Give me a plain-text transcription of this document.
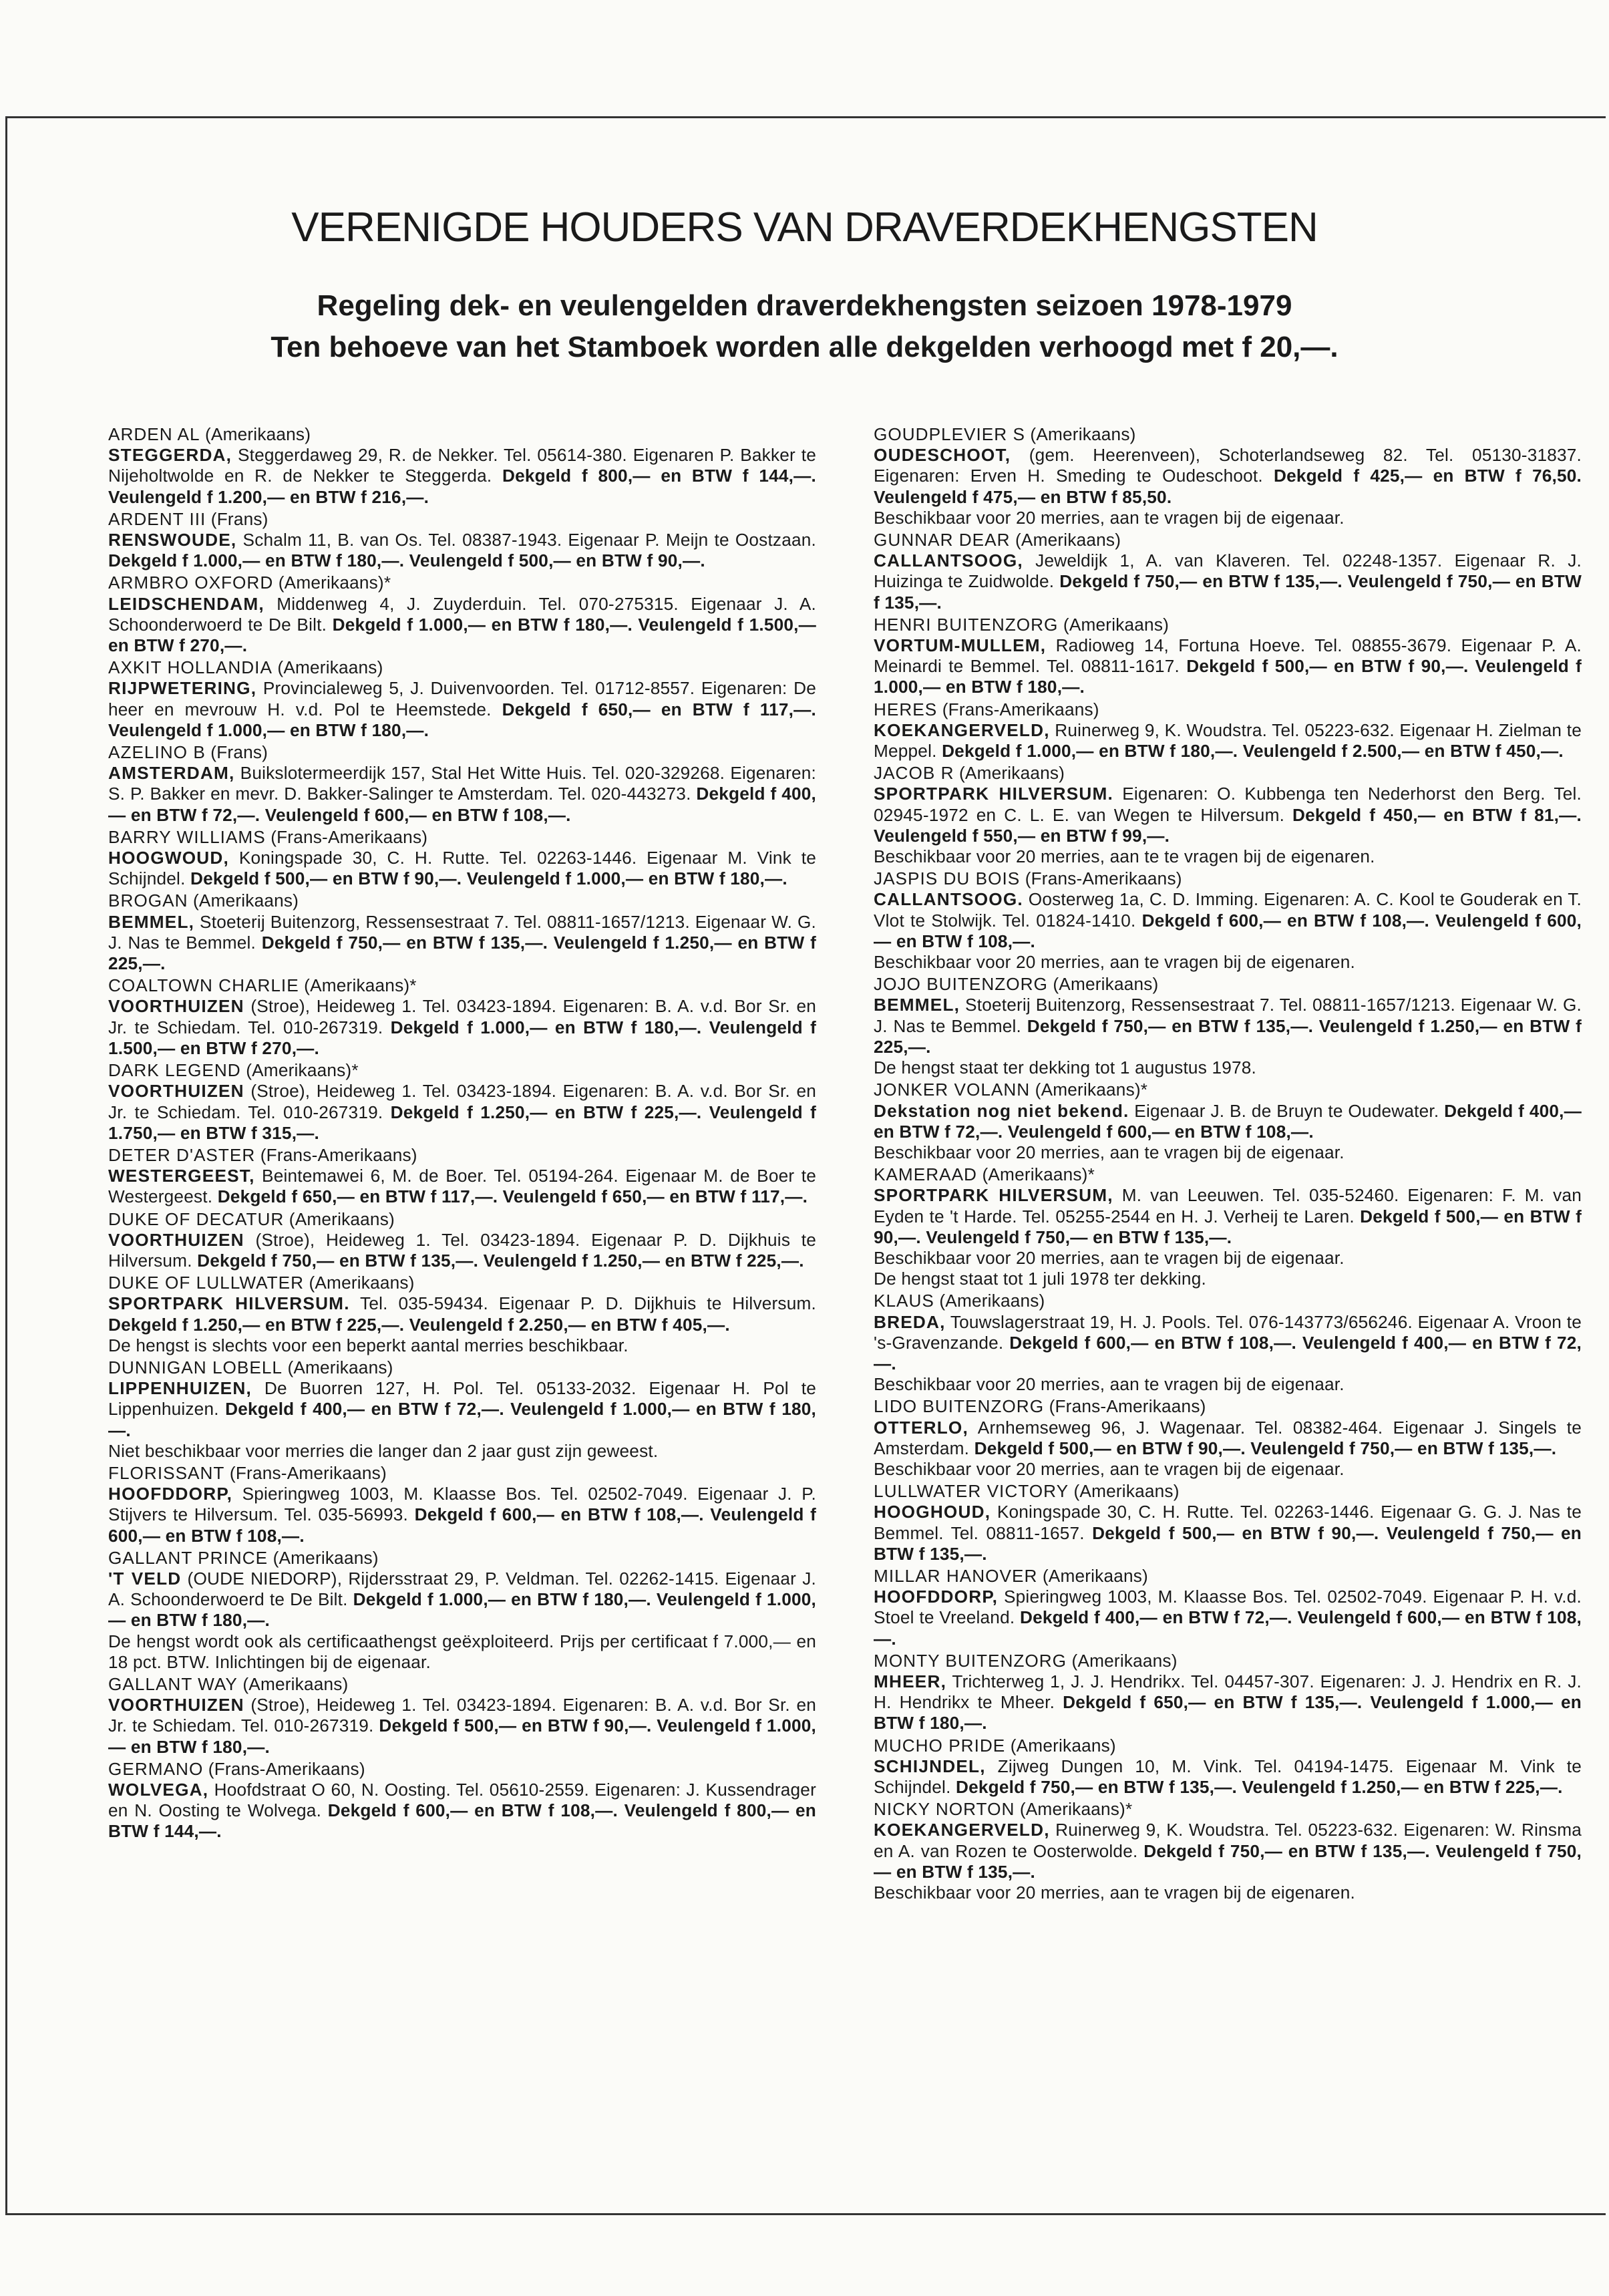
VERENIGDE HOUDERS VAN DRAVERDEKHENGSTEN

Regeling dek- en veulengelden draverdekhengsten seizoen 1978-1979

Ten behoeve van het Stamboek worden alle dekgelden verhoogd met f 20,—.

ARDEN AL (Amerikaans)

STEGGERDA, Steggerdaweg 29, R. de Nekker. Tel. 05614-380. Eigenaren P. Bakker te Nijeholtwolde en R. de Nekker te Steggerda. Dekgeld f 800,— en BTW f 144,—. Veulengeld f 1.200,— en BTW f 216,—.

ARDENT III (Frans)

RENSWOUDE, Schalm 11, B. van Os. Tel. 08387-1943. Eigenaar P. Meijn te Oostzaan. Dekgeld f 1.000,— en BTW f 180,—. Veulengeld f 500,— en BTW f 90,—.

ARMBRO OXFORD (Amerikaans)*

LEIDSCHENDAM, Middenweg 4, J. Zuyderduin. Tel. 070-275315. Eigenaar J. A. Schoonderwoerd te De Bilt. Dekgeld f 1.000,— en BTW f 180,—. Veulengeld f 1.500,— en BTW f 270,—.

AXKIT HOLLANDIA (Amerikaans)

RIJPWETERING, Provincialeweg 5, J. Duivenvoorden. Tel. 01712-8557. Eigenaren: De heer en mevrouw H. v.d. Pol te Heemstede. Dekgeld f 650,— en BTW f 117,—. Veulengeld f 1.000,— en BTW f 180,—.

AZELINO B (Frans)

AMSTERDAM, Buikslotermeerdijk 157, Stal Het Witte Huis. Tel. 020-329268. Eigenaren: S. P. Bakker en mevr. D. Bakker-Salinger te Amsterdam. Tel. 020-443273. Dekgeld f 400,— en BTW f 72,—. Veulengeld f 600,— en BTW f 108,—.

BARRY WILLIAMS (Frans-Amerikaans)

HOOGWOUD, Koningspade 30, C. H. Rutte. Tel. 02263-1446. Eigenaar M. Vink te Schijndel. Dekgeld f 500,— en BTW f 90,—. Veulengeld f 1.000,— en BTW f 180,—.

BROGAN (Amerikaans)

BEMMEL, Stoeterij Buitenzorg, Ressensestraat 7. Tel. 08811-1657/1213. Eigenaar W. G. J. Nas te Bemmel. Dekgeld f 750,— en BTW f 135,—. Veulengeld f 1.250,— en BTW f 225,—.

COALTOWN CHARLIE (Amerikaans)*

VOORTHUIZEN (Stroe), Heideweg 1. Tel. 03423-1894. Eigenaren: B. A. v.d. Bor Sr. en Jr. te Schiedam. Tel. 010-267319. Dekgeld f 1.000,— en BTW f 180,—. Veulengeld f 1.500,— en BTW f 270,—.

DARK LEGEND (Amerikaans)*

VOORTHUIZEN (Stroe), Heideweg 1. Tel. 03423-1894. Eigenaren: B. A. v.d. Bor Sr. en Jr. te Schiedam. Tel. 010-267319. Dekgeld f 1.250,— en BTW f 225,—. Veulengeld f 1.750,— en BTW f 315,—.

DETER D'ASTER (Frans-Amerikaans)

WESTERGEEST, Beintemawei 6, M. de Boer. Tel. 05194-264. Eigenaar M. de Boer te Westergeest. Dekgeld f 650,— en BTW f 117,—. Veulengeld f 650,— en BTW f 117,—.

DUKE OF DECATUR (Amerikaans)

VOORTHUIZEN (Stroe), Heideweg 1. Tel. 03423-1894. Eigenaar P. D. Dijkhuis te Hilversum. Dekgeld f 750,— en BTW f 135,—. Veulengeld f 1.250,— en BTW f 225,—.

DUKE OF LULLWATER (Amerikaans)

SPORTPARK HILVERSUM. Tel. 035-59434. Eigenaar P. D. Dijkhuis te Hilversum. Dekgeld f 1.250,— en BTW f 225,—. Veulengeld f 2.250,— en BTW f 405,—.

De hengst is slechts voor een beperkt aantal merries beschikbaar.

DUNNIGAN LOBELL (Amerikaans)

LIPPENHUIZEN, De Buorren 127, H. Pol. Tel. 05133-2032. Eigenaar H. Pol te Lippenhuizen. Dekgeld f 400,— en BTW f 72,—. Veulengeld f 1.000,— en BTW f 180,—.

Niet beschikbaar voor merries die langer dan 2 jaar gust zijn geweest.

FLORISSANT (Frans-Amerikaans)

HOOFDDORP, Spieringweg 1003, M. Klaasse Bos. Tel. 02502-7049. Eigenaar J. P. Stijvers te Hilversum. Tel. 035-56993. Dekgeld f 600,— en BTW f 108,—. Veulengeld f 600,— en BTW f 108,—.

GALLANT PRINCE (Amerikaans)

'T VELD (OUDE NIEDORP), Rijdersstraat 29, P. Veldman. Tel. 02262-1415. Eigenaar J. A. Schoonderwoerd te De Bilt. Dekgeld f 1.000,— en BTW f 180,—. Veulengeld f 1.000,— en BTW f 180,—.

De hengst wordt ook als certificaathengst geëxploiteerd. Prijs per certificaat f 7.000,— en 18 pct. BTW. Inlichtingen bij de eigenaar.

GALLANT WAY (Amerikaans)

VOORTHUIZEN (Stroe), Heideweg 1. Tel. 03423-1894. Eigenaren: B. A. v.d. Bor Sr. en Jr. te Schiedam. Tel. 010-267319. Dekgeld f 500,— en BTW f 90,—. Veulengeld f 1.000,— en BTW f 180,—.

GERMANO (Frans-Amerikaans)

WOLVEGA, Hoofdstraat O 60, N. Oosting. Tel. 05610-2559. Eigenaren: J. Kussendrager en N. Oosting te Wolvega. Dekgeld f 600,— en BTW f 108,—. Veulengeld f 800,— en BTW f 144,—.

GOUDPLEVIER S (Amerikaans)

OUDESCHOOT, (gem. Heerenveen), Schoterlandseweg 82. Tel. 05130-31837. Eigenaren: Erven H. Smeding te Oudeschoot. Dekgeld f 425,— en BTW f 76,50. Veulengeld f 475,— en BTW f 85,50.

Beschikbaar voor 20 merries, aan te vragen bij de eigenaar.

GUNNAR DEAR (Amerikaans)

CALLANTSOOG, Jeweldijk 1, A. van Klaveren. Tel. 02248-1357. Eigenaar R. J. Huizinga te Zuidwolde. Dekgeld f 750,— en BTW f 135,—. Veulengeld f 750,— en BTW f 135,—.

HENRI BUITENZORG (Amerikaans)

VORTUM-MULLEM, Radioweg 14, Fortuna Hoeve. Tel. 08855-3679. Eigenaar P. A. Meinardi te Bemmel. Tel. 08811-1617. Dekgeld f 500,— en BTW f 90,—. Veulengeld f 1.000,— en BTW f 180,—.

HERES (Frans-Amerikaans)

KOEKANGERVELD, Ruinerweg 9, K. Woudstra. Tel. 05223-632. Eigenaar H. Zielman te Meppel. Dekgeld f 1.000,— en BTW f 180,—. Veulengeld f 2.500,— en BTW f 450,—.

JACOB R (Amerikaans)

SPORTPARK HILVERSUM. Eigenaren: O. Kubbenga ten Nederhorst den Berg. Tel. 02945-1972 en C. L. E. van Wegen te Hilversum. Dekgeld f 450,— en BTW f 81,—. Veulengeld f 550,— en BTW f 99,—.

Beschikbaar voor 20 merries, aan te te vragen bij de eigenaren.

JASPIS DU BOIS (Frans-Amerikaans)

CALLANTSOOG. Oosterweg 1a, C. D. Imming. Eigenaren: A. C. Kool te Gouderak en T. Vlot te Stolwijk. Tel. 01824-1410. Dekgeld f 600,— en BTW f 108,—. Veulengeld f 600,— en BTW f 108,—.

Beschikbaar voor 20 merries, aan te vragen bij de eigenaren.

JOJO BUITENZORG (Amerikaans)

BEMMEL, Stoeterij Buitenzorg, Ressensestraat 7. Tel. 08811-1657/1213. Eigenaar W. G. J. Nas te Bemmel. Dekgeld f 750,— en BTW f 135,—. Veulengeld f 1.250,— en BTW f 225,—.

De hengst staat ter dekking tot 1 augustus 1978.

JONKER VOLANN (Amerikaans)*

Dekstation nog niet bekend. Eigenaar J. B. de Bruyn te Oudewater. Dekgeld f 400,— en BTW f 72,—. Veulengeld f 600,— en BTW f 108,—.

Beschikbaar voor 20 merries, aan te vragen bij de eigenaar.

KAMERAAD (Amerikaans)*

SPORTPARK HILVERSUM, M. van Leeuwen. Tel. 035-52460. Eigenaren: F. M. van Eyden te 't Harde. Tel. 05255-2544 en H. J. Verheij te Laren. Dekgeld f 500,— en BTW f 90,—. Veulengeld f 750,— en BTW f 135,—.

Beschikbaar voor 20 merries, aan te vragen bij de eigenaar.

De hengst staat tot 1 juli 1978 ter dekking.

KLAUS (Amerikaans)

BREDA, Touwslagerstraat 19, H. J. Pools. Tel. 076-143773/656246. Eigenaar A. Vroon te 's-Gravenzande. Dekgeld f 600,— en BTW f 108,—. Veulengeld f 400,— en BTW f 72,—.

Beschikbaar voor 20 merries, aan te vragen bij de eigenaar.

LIDO BUITENZORG (Frans-Amerikaans)

OTTERLO, Arnhemseweg 96, J. Wagenaar. Tel. 08382-464. Eigenaar J. Singels te Amsterdam. Dekgeld f 500,— en BTW f 90,—. Veulengeld f 750,— en BTW f 135,—.

Beschikbaar voor 20 merries, aan te vragen bij de eigenaar.

LULLWATER VICTORY (Amerikaans)

HOOGHOUD, Koningspade 30, C. H. Rutte. Tel. 02263-1446. Eigenaar G. G. J. Nas te Bemmel. Tel. 08811-1657. Dekgeld f 500,— en BTW f 90,—. Veulengeld f 750,— en BTW f 135,—.

MILLAR HANOVER (Amerikaans)

HOOFDDORP, Spieringweg 1003, M. Klaasse Bos. Tel. 02502-7049. Eigenaar P. H. v.d. Stoel te Vreeland. Dekgeld f 400,— en BTW f 72,—. Veulengeld f 600,— en BTW f 108,—.

MONTY BUITENZORG (Amerikaans)

MHEER, Trichterweg 1, J. J. Hendrikx. Tel. 04457-307. Eigenaren: J. J. Hendrix en R. J. H. Hendrikx te Mheer. Dekgeld f 650,— en BTW f 135,—. Veulengeld f 1.000,— en BTW f 180,—.

MUCHO PRIDE (Amerikaans)

SCHIJNDEL, Zijweg Dungen 10, M. Vink. Tel. 04194-1475. Eigenaar M. Vink te Schijndel. Dekgeld f 750,— en BTW f 135,—. Veulengeld f 1.250,— en BTW f 225,—.

NICKY NORTON (Amerikaans)*

KOEKANGERVELD, Ruinerweg 9, K. Woudstra. Tel. 05223-632. Eigenaren: W. Rinsma en A. van Rozen te Oosterwolde. Dekgeld f 750,— en BTW f 135,—. Veulengeld f 750,— en BTW f 135,—.

Beschikbaar voor 20 merries, aan te vragen bij de eigenaren.
